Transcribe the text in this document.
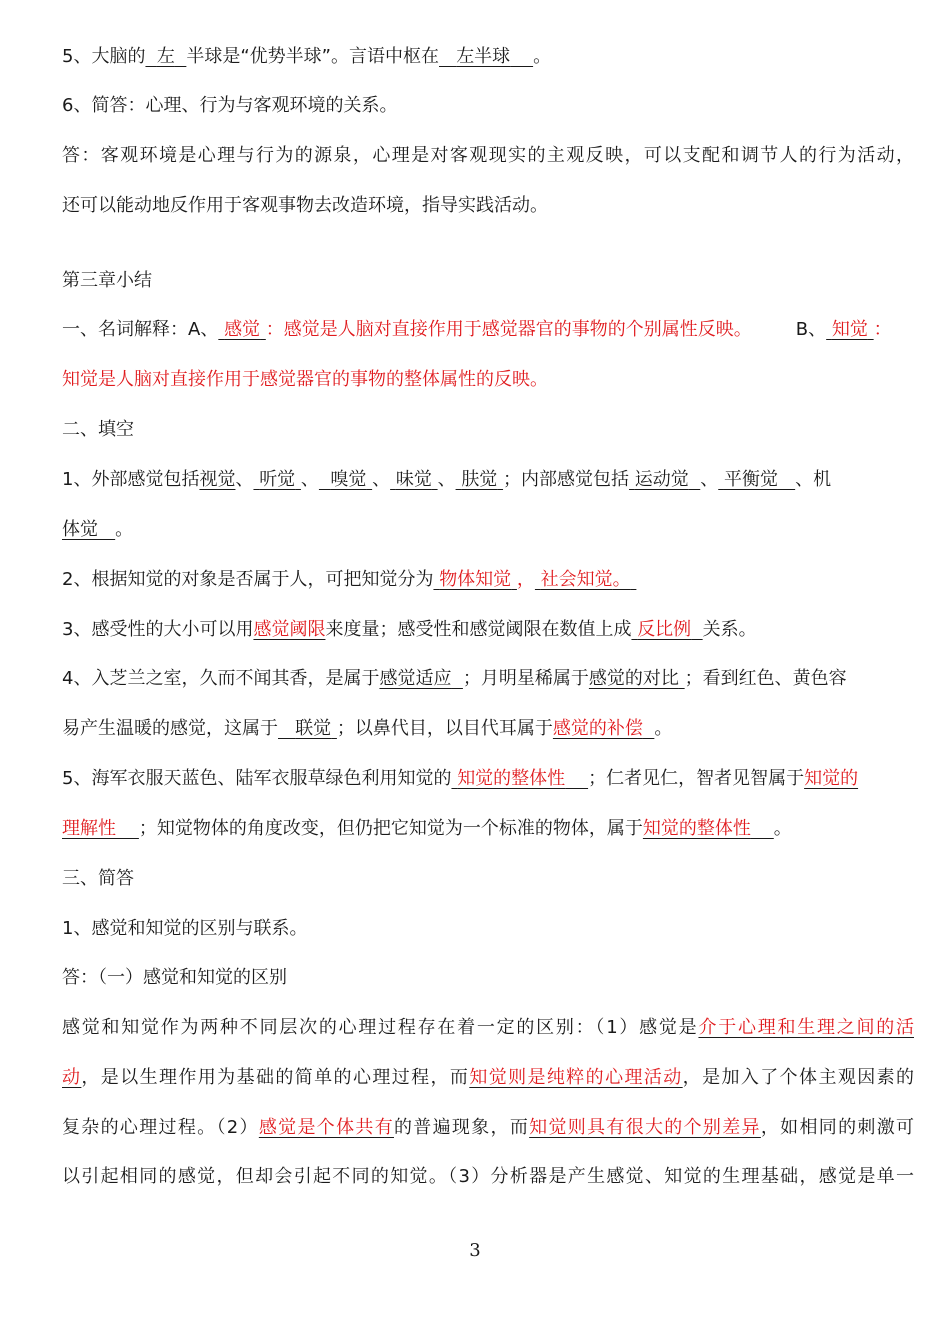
5、大脑的 左 半球是“优势半球”。言语中枢在 左半球 。
6、简答：心理、行为与客观环境的关系。
答：客观环境是心理与行为的源泉，心理是对客观现实的主观反映，可以支配和调节人的行为活动，
还可以能动地反作用于客观事物去改造环境，指导实践活动。
第三章小结
一、名词解释：A、 感觉 ：感觉是人脑对直接作用于感觉器官的事物的个别属性反映。 B、 知觉 ：
知觉是人脑对直接作用于感觉器官的事物的整体属性的反映。
二、填空
1、外部感觉包括视觉、 听觉 、 嗅觉 、 味觉 、 肤觉 ；内部感觉包括 运动觉 、 平衡觉 、机
体觉 。
2、根据知觉的对象是否属于人，可把知觉分为 物体知觉 ， 社会知觉。
3、感受性的大小可以用感觉阈限来度量；感受性和感觉阈限在数值上成 反比例 关系。
4、入芝兰之室，久而不闻其香，是属于感觉适应 ；月明星稀属于感觉的对比 ；看到红色、黄色容
易产生温暖的感觉，这属于 联觉 ；以鼻代目，以目代耳属于感觉的补偿 。
5、海军衣服天蓝色、陆军衣服草绿色利用知觉的 知觉的整体性 ；仁者见仁，智者见智属于知觉的
理解性 ；知觉物体的角度改变，但仍把它知觉为一个标准的物体，属于知觉的整体性 。
三、简答
1、感觉和知觉的区别与联系。
答：（一）感觉和知觉的区别
感觉和知觉作为两种不同层次的心理过程存在着一定的区别：（1）感觉是介于心理和生理之间的活
动，是以生理作用为基础的简单的心理过程，而知觉则是纯粹的心理活动，是加入了个体主观因素的
复杂的心理过程。（2）感觉是个体共有的普遍现象，而知觉则具有很大的个别差异，如相同的刺激可
以引起相同的感觉，但却会引起不同的知觉。（3）分析器是产生感觉、知觉的生理基础，感觉是单一
3
